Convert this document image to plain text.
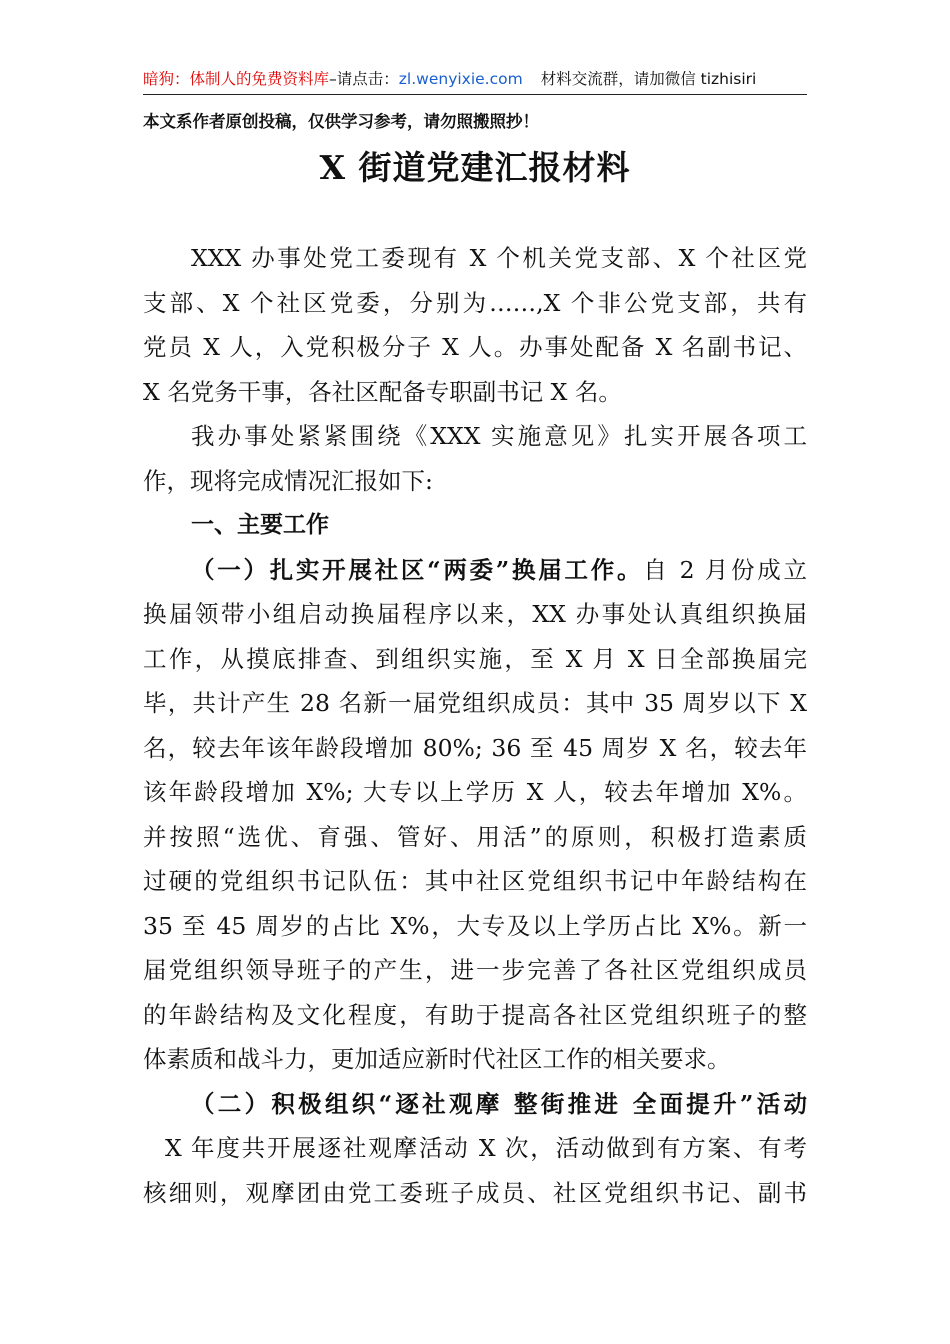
暗狗：体制人的免费资料库–请点击：zl.wenyixie.com 材料交流群，请加微信 tizhisiri
本文系作者原创投稿，仅供学习参考，请勿照搬照抄！
X 街道党建汇报材料
XXX 办事处党工委现有 X 个机关党支部、X 个社区党
支部、X 个社区党委，分别为……,X 个非公党支部，共有
党员 X 人，入党积极分子 X 人。办事处配备 X 名副书记、
X 名党务干事，各社区配备专职副书记 X 名。
我办事处紧紧围绕《XXX 实施意见》扎实开展各项工
作，现将完成情况汇报如下:
一、主要工作
（一）扎实开展社区“两委”换届工作。自 2 月份成立
换届领带小组启动换届程序以来，XX 办事处认真组织换届
工作，从摸底排查、到组织实施，至 X 月 X 日全部换届完
毕，共计产生 28 名新一届党组织成员：其中 35 周岁以下 X
名，较去年该年龄段增加 80%; 36 至 45 周岁 X 名，较去年
该年龄段增加 X%; 大专以上学历 X 人，较去年增加 X%。
并按照“选优、育强、管好、用活”的原则，积极打造素质
过硬的党组织书记队伍：其中社区党组织书记中年龄结构在
35 至 45 周岁的占比 X%，大专及以上学历占比 X%。新一
届党组织领导班子的产生，进一步完善了各社区党组织成员
的年龄结构及文化程度，有助于提高各社区党组织班子的整
体素质和战斗力，更加适应新时代社区工作的相关要求。
（二）积极组织“逐社观摩 整街推进 全面提升”活动
X 年度共开展逐社观摩活动 X 次，活动做到有方案、有考
核细则，观摩团由党工委班子成员、社区党组织书记、副书
